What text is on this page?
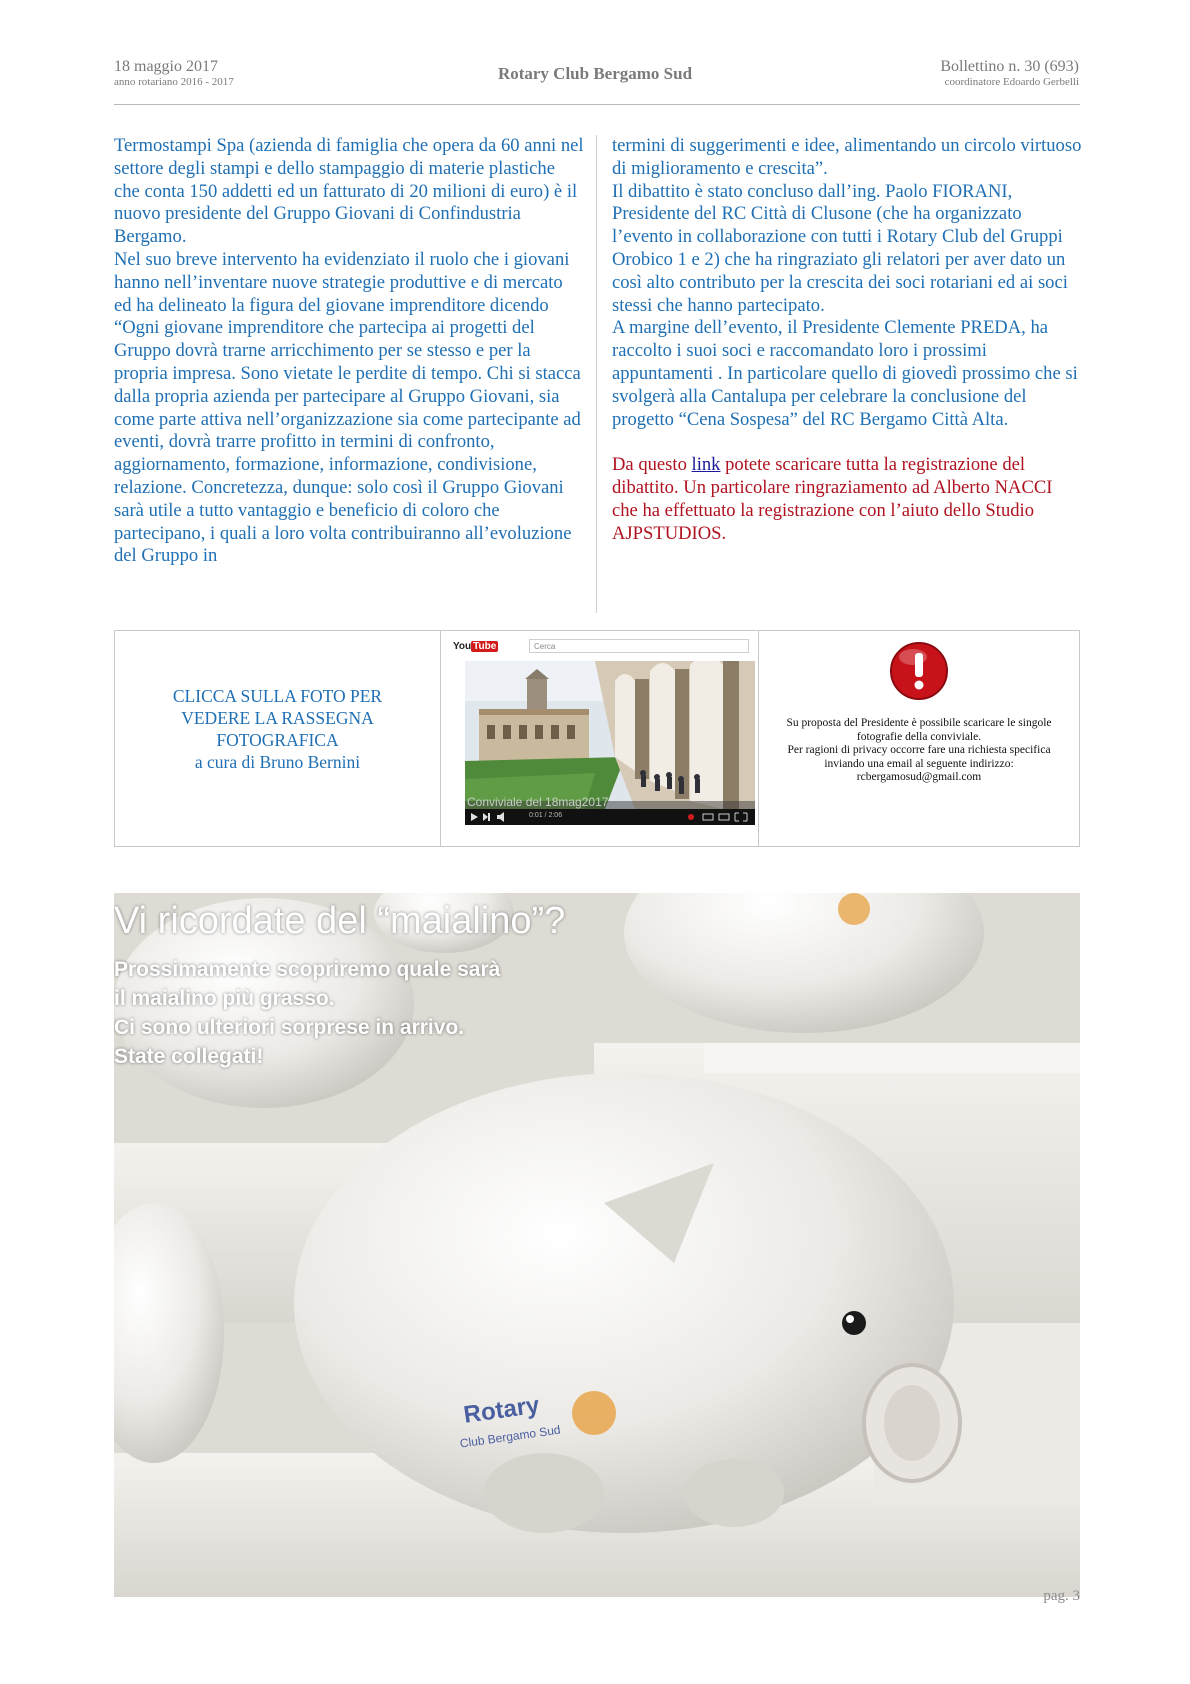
18 maggio 2017
anno rotariano 2016 - 2017	Rotary Club Bergamo Sud	Bollettino n. 30 (693)
coordinatore Edoardo Gerbelli

Termostampi Spa (azienda di famiglia che opera da 60 anni nel settore degli stampi e dello stampaggio di materie plastiche che conta 150 addetti ed un fatturato di 20 milioni di euro) è il nuovo presidente del Gruppo Giovani di Confindustria Bergamo.

Nel suo breve intervento ha evidenziato il ruolo che i giovani hanno nell’inventare nuove strategie produttive e di mercato ed ha delineato la figura del giovane imprenditore dicendo “Ogni giovane imprenditore che partecipa ai progetti del Gruppo dovrà trarne arricchimento per se stesso e per la propria impresa. Sono vietate le perdite di tempo. Chi si stacca dalla propria azienda per partecipare al Gruppo Giovani, sia come parte attiva nell’organizzazione sia come partecipante ad eventi, dovrà trarre profitto in termini di confronto, aggiornamento, formazione, informazione, condivisione, relazione. Concretezza, dunque: solo così il Gruppo Giovani sarà utile a tutto vantaggio e beneficio di coloro che partecipano, i quali a loro volta contribuiranno all’evoluzione del Gruppo in

termini di suggerimenti e idee, alimentando un circolo virtuoso di miglioramento e crescita”.

Il dibattito è stato concluso dall’ing. Paolo FIORANI, Presidente del RC Città di Clusone (che ha organizzato l’evento in collaborazione con tutti i Rotary Club del Gruppi Orobico 1 e 2) che ha ringraziato gli relatori per aver dato un così alto contributo per la crescita dei soci rotariani ed ai soci stessi che hanno partecipato.

A margine dell’evento, il Presidente Clemente PREDA, ha raccolto i suoi soci e raccomandato loro i prossimi appuntamenti . In particolare quello di giovedì prossimo che si svolgerà alla Cantalupa per celebrare la conclusione del progetto “Cena Sospesa” del RC Bergamo Città Alta.

Da questo link potete scaricare tutta la registrazione del dibattito. Un particolare ringraziamento ad Alberto NACCI che ha effettuato la registrazione con l’aiuto dello Studio AJPSTUDIOS.

CLICCA SULLA FOTO PER
VEDERE LA RASSEGNA
FOTOGRAFICA
a cura di Bruno Bernini
You Tube	Cerca
Conviviale del 18mag2017
0:01 / 2:06
Su proposta del Presidente è possibile scaricare le singole fotografie della conviviale.
Per ragioni di privacy occorre fare una richiesta specifica inviando una email al seguente indirizzo:
rcbergamosud@gmail.com
Rotary
Club Bergamo Sud
Vi ricordate del “maialino”?
Prossimamente scopriremo quale sarà
il maialino più grasso.
Ci sono ulteriori sorprese in arrivo.
State collegati!
pag. 3
